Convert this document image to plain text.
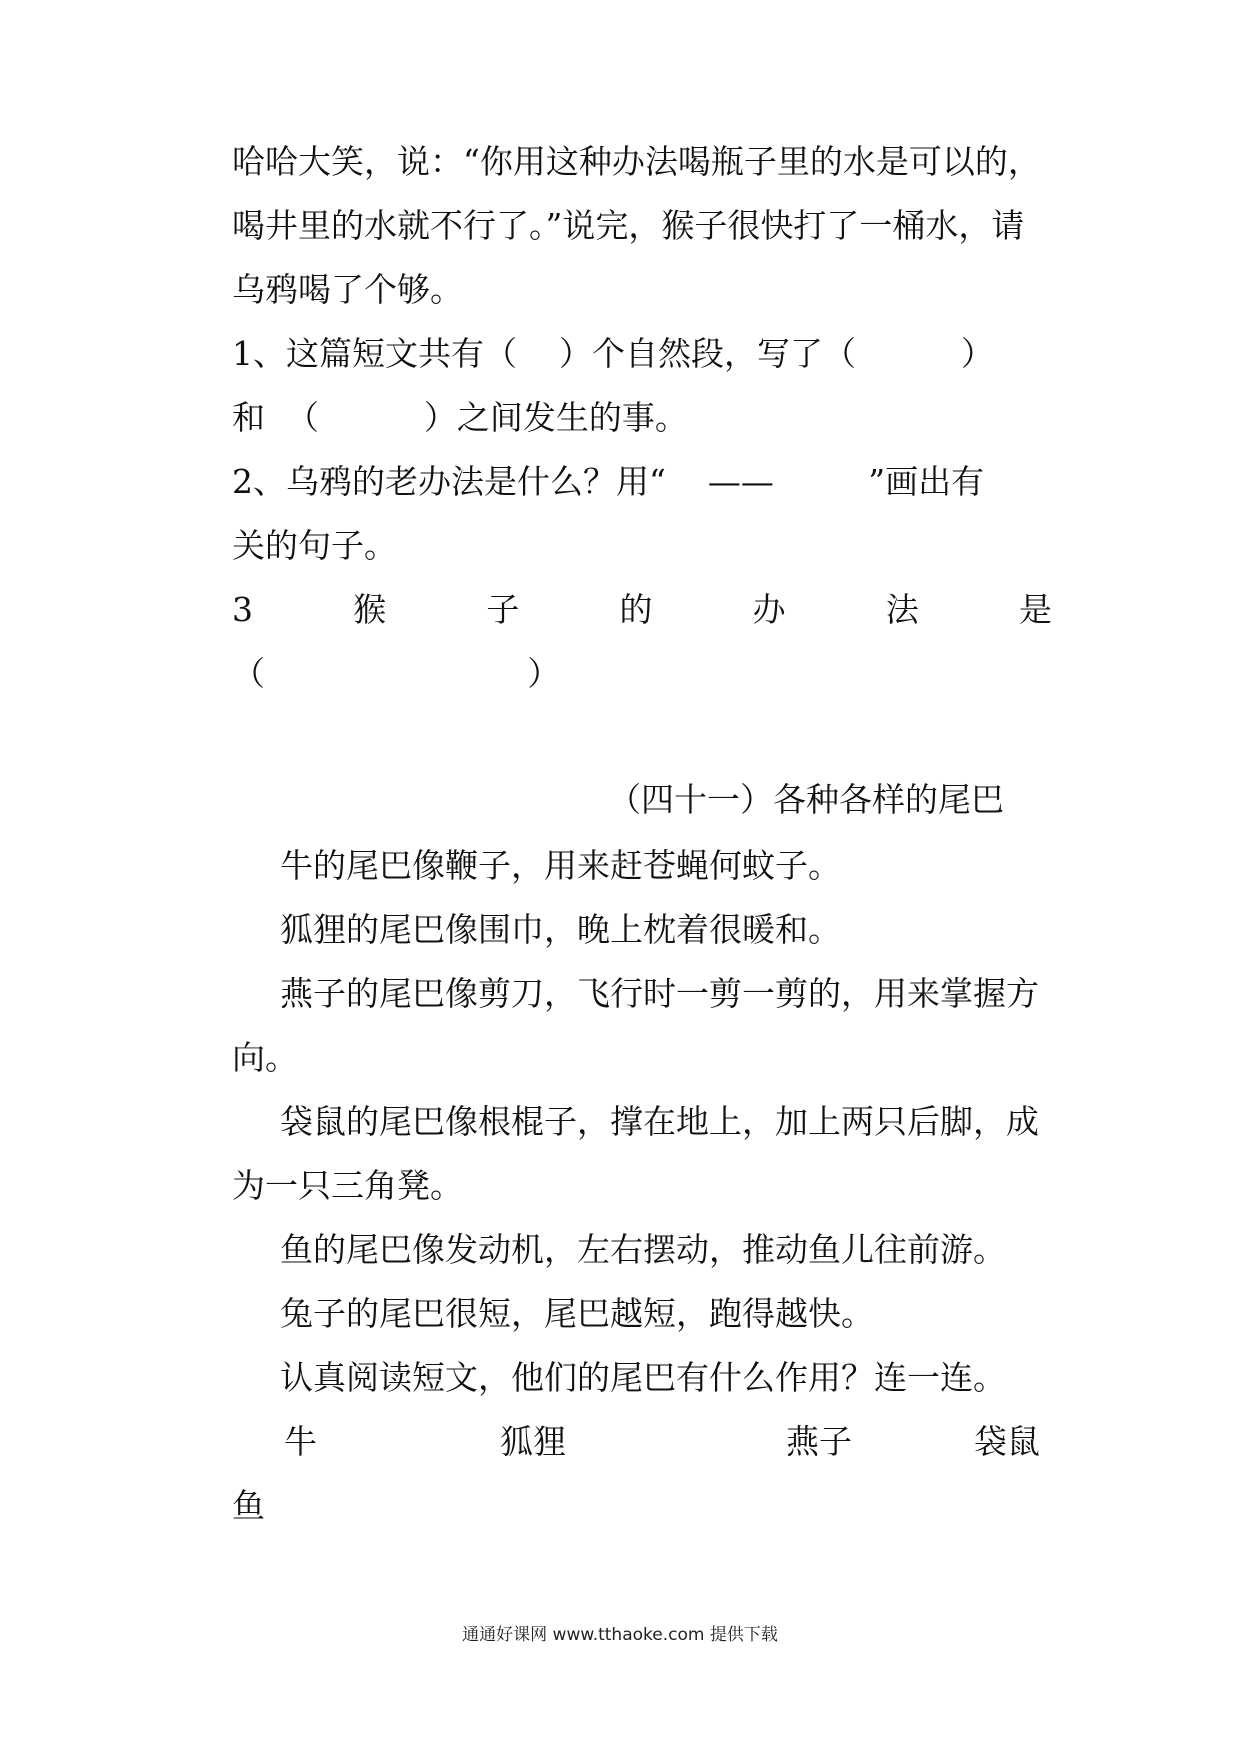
哈哈大笑，说：“你用这种办法喝瓶子里的水是可以的，
喝井里的水就不行了。”说完，猴子很快打了一桶水，请
乌鸦喝了个够。
1、这篇短文共有（    ）个自然段，写了（          ）
和  （          ）之间发生的事。
2、乌鸦的老办法是什么？用“    ——         ”画出有
关的句子。
3	猴	子	的	办	法	是
（                         ）
（四十一）各种各样的尾巴
牛的尾巴像鞭子，用来赶苍蝇何蚊子。
狐狸的尾巴像围巾，晚上枕着很暖和。
燕子的尾巴像剪刀，飞行时一剪一剪的，用来掌握方
向。
袋鼠的尾巴像根棍子，撑在地上，加上两只后脚，成
为一只三角凳。
鱼的尾巴像发动机，左右摆动，推动鱼儿往前游。
兔子的尾巴很短，尾巴越短，跑得越快。
认真阅读短文，他们的尾巴有什么作用？连一连。
牛	狐狸	燕子	袋鼠
鱼
通通好课网 www.tthaoke.com 提供下载
